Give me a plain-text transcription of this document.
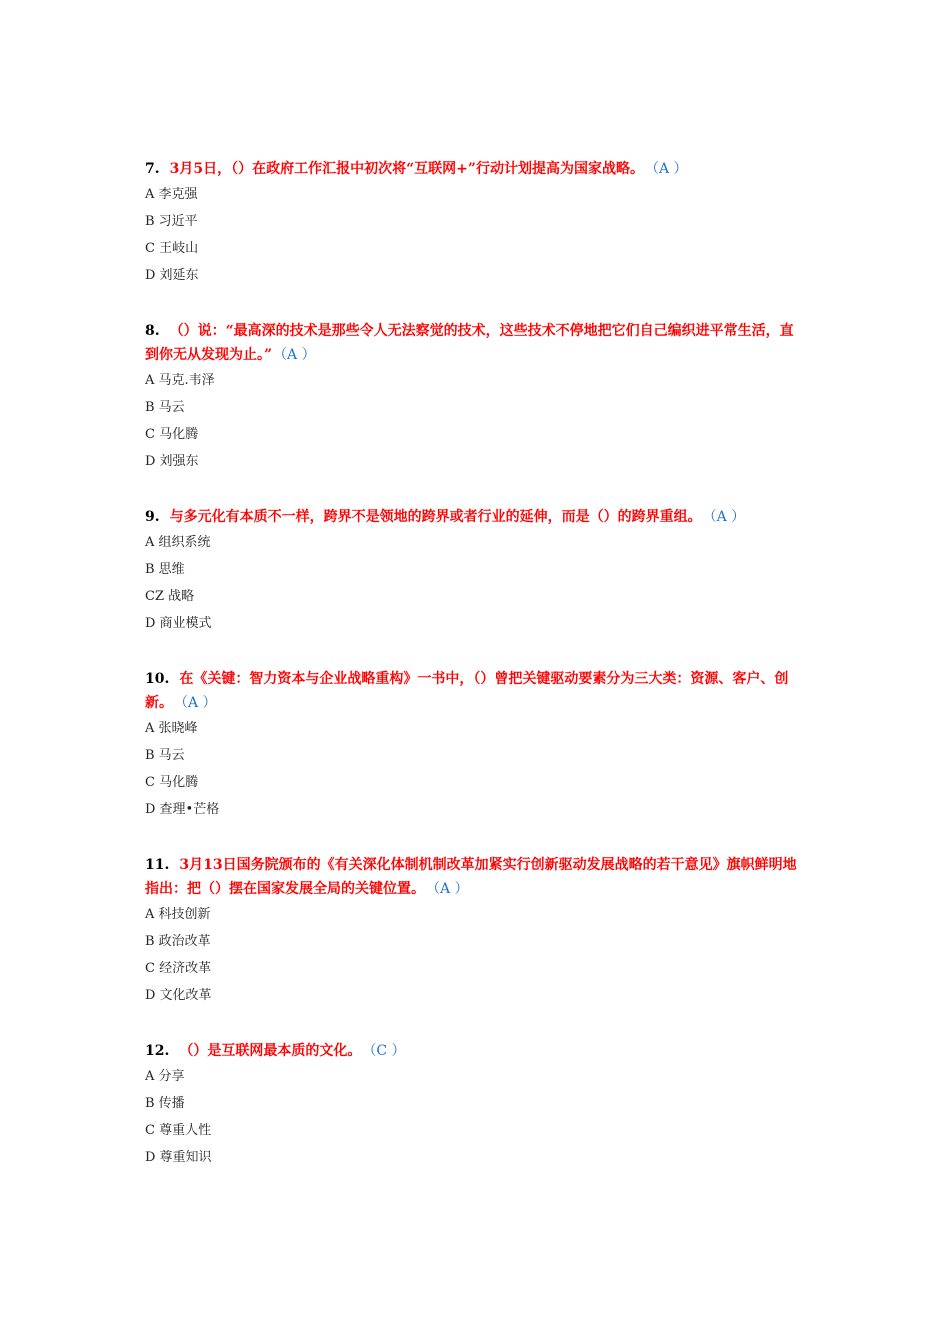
7. 3月5日，（）在政府工作汇报中初次将“互联网+”行动计划提高为国家战略。 （A ）

A 李克强
B 习近平
C 王岐山
D 刘延东

8. （）说：“最高深的技术是那些令人无法察觉的技术，这些技术不停地把它们自己编织进平常生活，直到你无从发现为止。” （A ）

A 马克.韦泽
B 马云
C 马化腾
D 刘强东

9. 与多元化有本质不一样，跨界不是领地的跨界或者行业的延伸，而是（）的跨界重组。 （A ）

A 组织系统
B 思维
CZ 战略
D 商业模式

10. 在《关键：智力资本与企业战略重构》一书中，（）曾把关键驱动要素分为三大类：资源、客户、创新。 （A ）

A 张晓峰
B 马云
C 马化腾
D 查理•芒格

11. 3月13日国务院颁布的《有关深化体制机制改革加紧实行创新驱动发展战略的若干意见》旗帜鲜明地指出：把（）摆在国家发展全局的关键位置。 （A ）

A 科技创新
B 政治改革
C 经济改革
D 文化改革

12. （）是互联网最本质的文化。 （C ）

A 分享
B 传播
C 尊重人性
D 尊重知识
